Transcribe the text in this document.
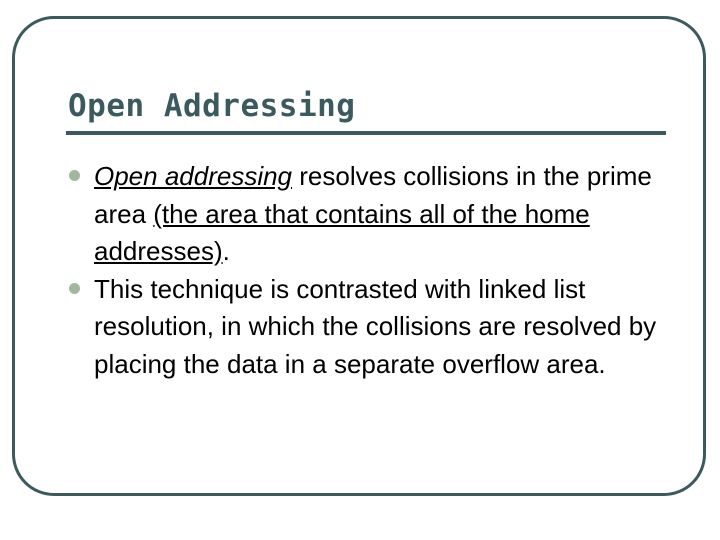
Open Addressing
Open addressing resolves collisions in the prime area (the area that contains all of the home addresses).
This technique is contrasted with linked list resolution, in which the collisions are resolved by placing the data in a separate overflow area.
